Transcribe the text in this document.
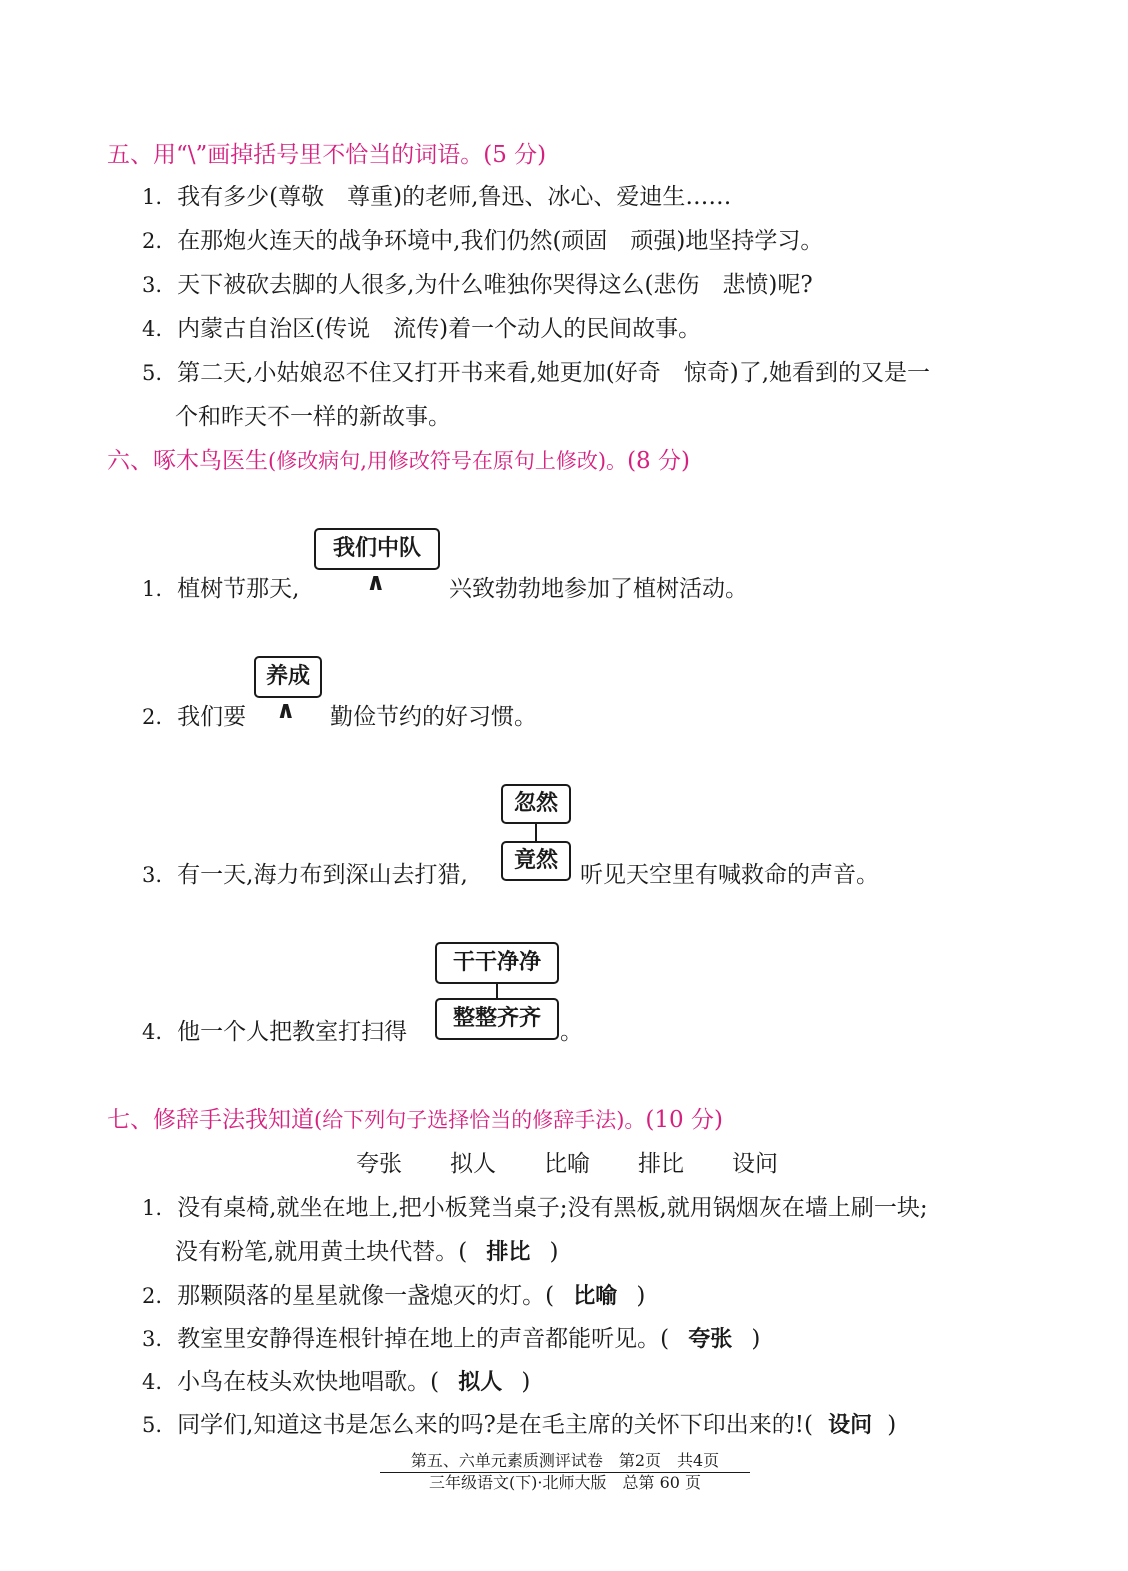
五、用“\”画掉括号里不恰当的词语。(5 分)
1. 我有多少(尊敬　尊重)的老师,鲁迅、冰心、爱迪生……
2. 在那炮火连天的战争环境中,我们仍然(顽固　顽强)地坚持学习。
3. 天下被砍去脚的人很多,为什么唯独你哭得这么(悲伤　悲愤)呢?
4. 内蒙古自治区(传说　流传)着一个动人的民间故事。
5. 第二天,小姑娘忍不住又打开书来看,她更加(好奇　惊奇)了,她看到的又是一
个和昨天不一样的新故事。
六、啄木鸟医生(修改病句,用修改符号在原句上修改)。(8 分)
我们中队
∧
1. 植树节那天,	兴致勃勃地参加了植树活动。
养成
∧
2. 我们要	勤俭节约的好习惯。
忽然
竟然
3. 有一天,海力布到深山去打猎,	听见天空里有喊救命的声音。
干干净净
整整齐齐
4. 他一个人把教室打扫得	。
七、修辞手法我知道(给下列句子选择恰当的修辞手法)。(10 分)
夸张 拟人 比喻 排比 设问
1. 没有桌椅,就坐在地上,把小板凳当桌子;没有黑板,就用锅烟灰在墙上刷一块;
没有粉笔,就用黄土块代替。( 排比 )
2. 那颗陨落的星星就像一盏熄灭的灯。( 比喻 )
3. 教室里安静得连根针掉在地上的声音都能听见。( 夸张 )
4. 小鸟在枝头欢快地唱歌。( 拟人 )
5. 同学们,知道这书是怎么来的吗?是在毛主席的关怀下印出来的!( 设问 )
第五、六单元素质测评试卷　第2页　共4页
三年级语文(下)·北师大版　总第 60 页
